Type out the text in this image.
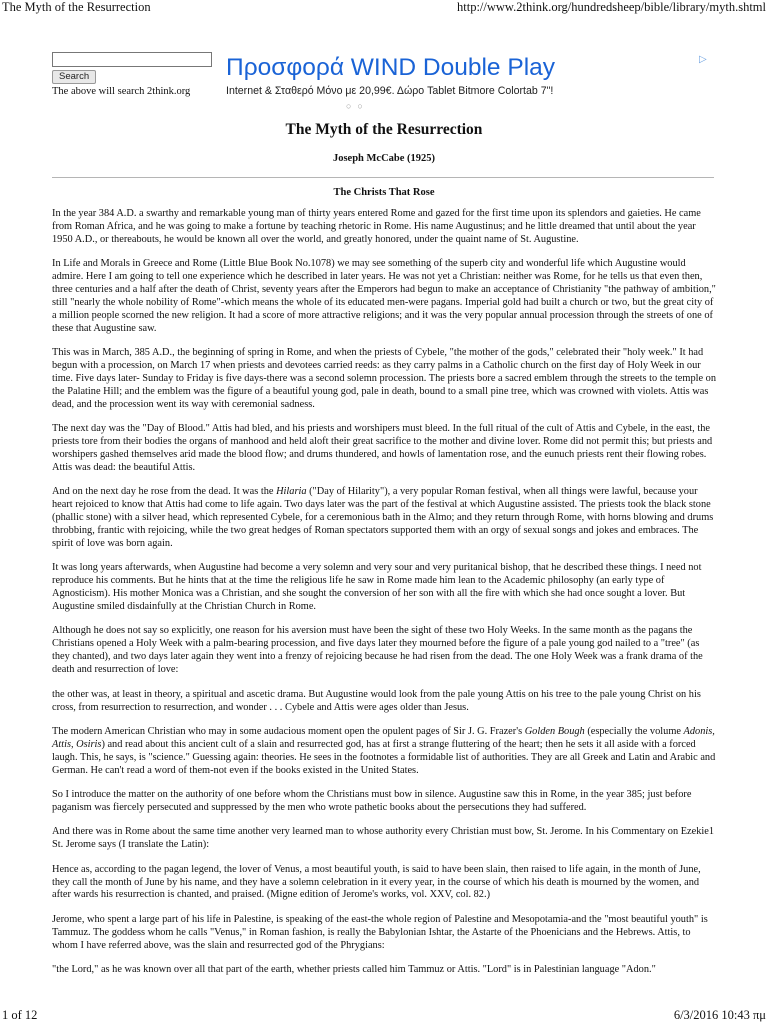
The Myth of the Resurrection	http://www.2think.org/hundredsheep/bible/library/myth.shtml
Search
The above will search 2think.org
Προσφορά WIND Double Play
Internet & Σταθερό Μόνο με 20,99€. Δώρο Tablet Bitmore Colortab 7"!
▷
○○
The Myth of the Resurrection
Joseph McCabe (1925)
The Christs That Rose

In the year 384 A.D. a swarthy and remarkable young man of thirty years entered Rome and gazed for the first time upon its splendors and gaieties. He came from Roman Africa, and he was going to make a fortune by teaching rhetoric in Rome. His name Augustinus; and he little dreamed that until about the year 1950 A.D., or thereabouts, he would be known all over the world, and greatly honored, under the quaint name of St. Augustine.

In Life and Morals in Greece and Rome (Little Blue Book No.1078) we may see something of the superb city and wonderful life which Augustine would admire. Here I am going to tell one experience which he described in later years. He was not yet a Christian: neither was Rome, for he tells us that even then, three centuries and a half after the death of Christ, seventy years after the Emperors had begun to make an acceptance of Christianity "the pathway of ambition," still "nearly the whole nobility of Rome"-which means the whole of its educated men-were pagans. Imperial gold had built a church or two, but the great city of a million people scorned the new religion. It had a score of more attractive religions; and it was the very popular annual procession through the streets of one of these that Augustine saw.

This was in March, 385 A.D., the beginning of spring in Rome, and when the priests of Cybele, "the mother of the gods," celebrated their "holy week." It had begun with a procession, on March 17 when priests and devotees carried reeds: as they carry palms in a Catholic church on the first day of Holy Week in our time. Five days later- Sunday to Friday is five days-there was a second solemn procession. The priests bore a sacred emblem through the streets to the temple on the Palatine Hill; and the emblem was the figure of a beautiful young god, pale in death, bound to a small pine tree, which was crowned with violets. Attis was dead, and the procession went its way with ceremonial sadness.

The next day was the "Day of Blood." Attis had bled, and his priests and worshipers must bleed. In the full ritual of the cult of Attis and Cybele, in the east, the priests tore from their bodies the organs of manhood and held aloft their great sacrifice to the mother and divine lover. Rome did not permit this; but priests and worshipers gashed themselves arid made the blood flow; and drums thundered, and howls of lamentation rose, and the eunuch priests rent their flowing robes. Attis was dead: the beautiful Attis.

And on the next day he rose from the dead. It was the Hilaria ("Day of Hilarity"), a very popular Roman festival, when all things were lawful, because your heart rejoiced to know that Attis had come to life again. Two days later was the part of the festival at which Augustine assisted. The priests took the black stone (phallic stone) with a silver head, which represented Cybele, for a ceremonious bath in the Almo; and they return through Rome, with horns blowing and drums throbbing, frantic with rejoicing, while the two great hedges of Roman spectators supported them with an orgy of sexual songs and jokes and embraces. The spirit of love was born again.

It was long years afterwards, when Augustine had become a very solemn and very sour and very puritanical bishop, that he described these things. I need not reproduce his comments. But he hints that at the time the religious life he saw in Rome made him lean to the Academic philosophy (an early type of Agnosticism). His mother Monica was a Christian, and she sought the conversion of her son with all the fire with which she had once sought a lover. But Augustine smiled disdainfully at the Christian Church in Rome.

Although he does not say so explicitly, one reason for his aversion must have been the sight of these two Holy Weeks. In the same month as the pagans the Christians opened a Holy Week with a palm-bearing procession, and five days later they mourned before the figure of a pale young god nailed to a "tree" (as they chanted), and two days later again they went into a frenzy of rejoicing because he had risen from the dead. The one Holy Week was a frank drama of the death and resurrection of love:

the other was, at least in theory, a spiritual and ascetic drama. But Augustine would look from the pale young Attis on his tree to the pale young Christ on his cross, from resurrection to resurrection, and wonder . . . Cybele and Attis were ages older than Jesus.

The modern American Christian who may in some audacious moment open the opulent pages of Sir J. G. Frazer's Golden Bough (especially the volume Adonis, Attis, Osiris) and read about this ancient cult of a slain and resurrected god, has at first a strange fluttering of the heart; then he sets it all aside with a forced laugh. This, he says, is "science." Guessing again: theories. He sees in the footnotes a formidable list of authorities. They are all Greek and Latin and Arabic and German. He can't read a word of them-not even if the books existed in the United States.

So I introduce the matter on the authority of one before whom the Christians must bow in silence. Augustine saw this in Rome, in the year 385; just before paganism was fiercely persecuted and suppressed by the men who wrote pathetic books about the persecutions they had suffered.

And there was in Rome about the same time another very learned man to whose authority every Christian must bow, St. Jerome. In his Commentary on Ezekie1 St. Jerome says (I translate the Latin):

Hence as, according to the pagan legend, the lover of Venus, a most beautiful youth, is said to have been slain, then raised to life again, in the month of June, they call the month of June by his name, and they have a solemn celebration in it every year, in the course of which his death is mourned by the women, and after wards his resurrection is chanted, and praised. (Migne edition of Jerome's works, vol. XXV, col. 82.)

Jerome, who spent a large part of his life in Palestine, is speaking of the east-the whole region of Palestine and Mesopotamia-and the "most beautiful youth" is Tammuz. The goddess whom he calls "Venus," in Roman fashion, is really the Babylonian Ishtar, the Astarte of the Phoenicians and the Hebrews. Attis, to whom I have referred above, was the slain and resurrected god of the Phrygians:

"the Lord," as he was known over all that part of the earth, whether priests called him Tammuz or Attis. "Lord" is in Palestinian language "Adon."

1 of 12	6/3/2016 10:43 πμ
